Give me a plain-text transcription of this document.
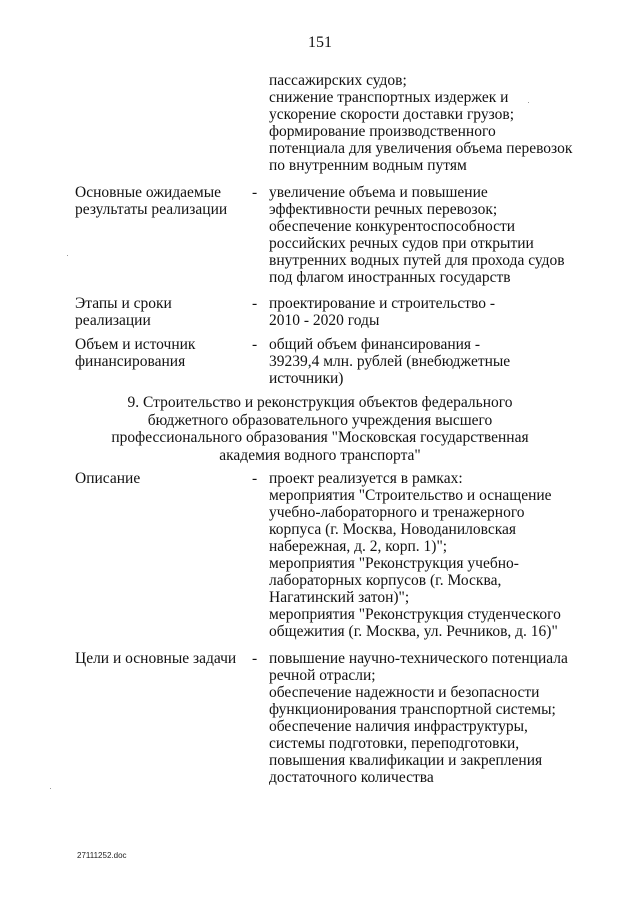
151
пассажирских судов;
снижение транспортных издержек и
ускорение скорости доставки грузов;
формирование производственного
потенциала для увеличения объема перевозок
по внутренним водным путям
Основные ожидаемые
результаты реализации
- увеличение объема и повышение
эффективности речных перевозок;
обеспечение конкурентоспособности
российских речных судов при открытии
внутренних водных путей для прохода судов
под флагом иностранных государств
Этапы и сроки
реализации
- проектирование и строительство -
2010 - 2020 годы
Объем и источник
финансирования
- общий объем финансирования -
39239,4 млн. рублей (внебюджетные
источники)
9. Строительство и реконструкция объектов федерального
бюджетного образовательного учреждения высшего
профессионального образования "Московская государственная
академия водного транспорта"
Описание	- проект реализуется в рамках:
мероприятия "Строительство и оснащение
учебно-лабораторного и тренажерного
корпуса (г. Москва, Новоданиловская
набережная, д. 2, корп. 1)";
мероприятия "Реконструкция учебно-
лабораторных корпусов (г. Москва,
Нагатинский затон)";
мероприятия "Реконструкция студенческого
общежития (г. Москва, ул. Речников, д. 16)"
Цели и основные задачи	- повышение научно-технического потенциала
речной отрасли;
обеспечение надежности и безопасности
функционирования транспортной системы;
обеспечение наличия инфраструктуры,
системы подготовки, переподготовки,
повышения квалификации и закрепления
достаточного количества
27111252.doc
